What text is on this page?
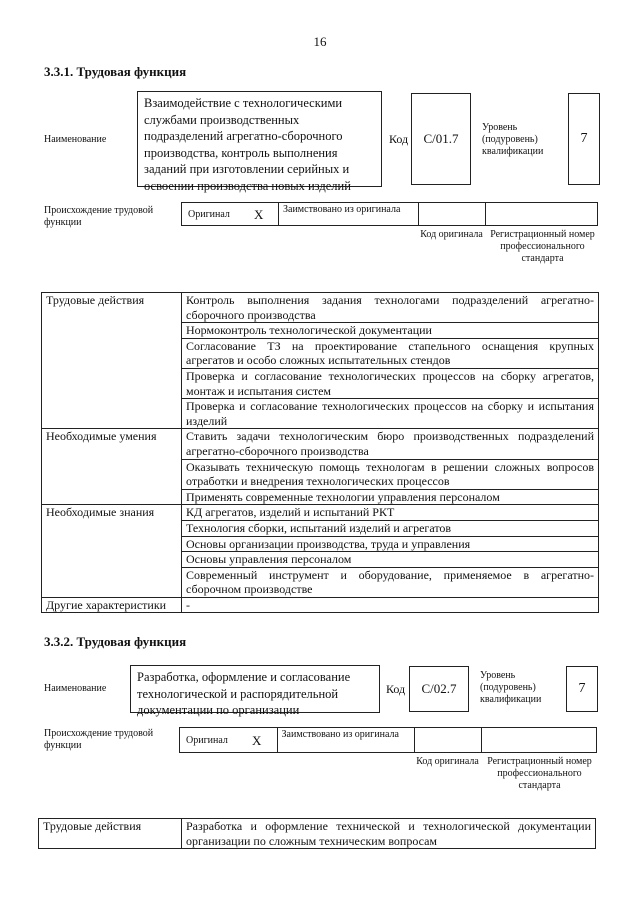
16
3.3.1. Трудовая функция
Наименование
Взаимодействие с технологическими службами производственных подразделений агрегатно-сборочного производства, контроль выполнения заданий при изготовлении серийных и освоении производства новых изделий
Код C/01.7
Уровень (подуровень) квалификации
7
Происхождение трудовой функции
Оригинал X Заимствовано из оригинала
Код оригинала Регистрационный номер профессионального стандарта
Трудовые действия	Контроль выполнения задания технологами подразделений агрегатно-сборочного производства
	Нормоконтроль технологической документации
	Согласование ТЗ на проектирование стапельного оснащения крупных агрегатов и особо сложных испытательных стендов
	Проверка и согласование технологических процессов на сборку агрегатов, монтаж и испытания систем
	Проверка и согласование технологических процессов на сборку и испытания изделий
Необходимые умения	Ставить задачи технологическим бюро производственных подразделений агрегатно-сборочного производства
	Оказывать техническую помощь технологам в решении сложных вопросов отработки и внедрения технологических процессов
	Применять современные технологии управления персоналом
Необходимые знания	КД агрегатов, изделий и испытаний РКТ
	Технология сборки, испытаний изделий и агрегатов
	Основы организации производства, труда и управления
	Основы управления персоналом
	Современный инструмент и оборудование, применяемое в агрегатно-сборочном производстве
Другие характеристики	-
3.3.2. Трудовая функция
Наименование
Разработка, оформление и согласование технологической и распорядительной документации по организации
Код C/02.7
Уровень (подуровень) квалификации
7
Происхождение трудовой функции	Оригинал X Заимствовано из оригинала
Код оригинала Регистрационный номер профессионального стандарта
Трудовые действия	Разработка и оформление технической и технологической документации организации по сложным техническим вопросам
